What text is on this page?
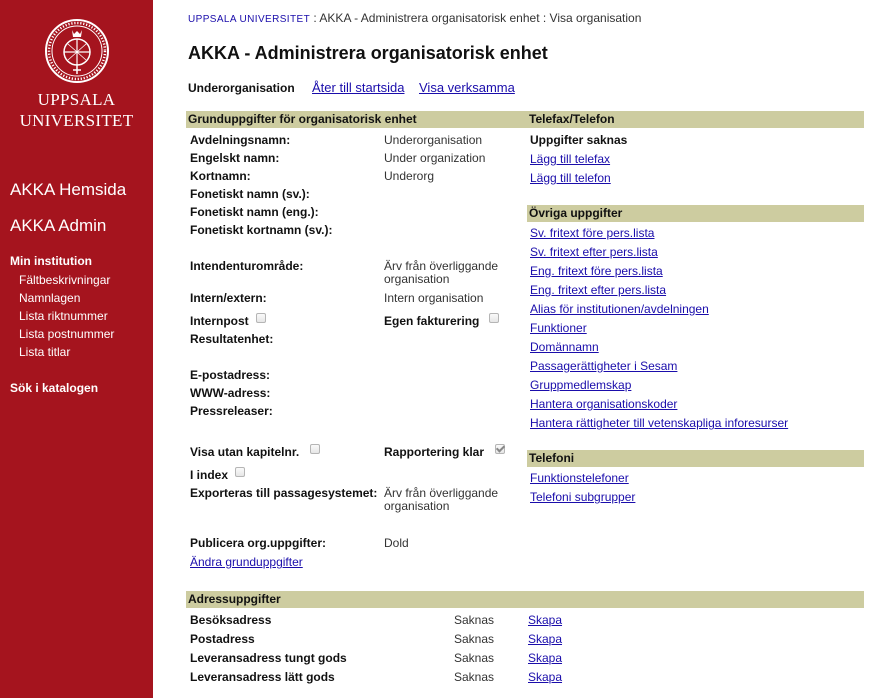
UPPSALA
UNIVERSITET
AKKA Hemsida
AKKA Admin
Min institution
Fältbeskrivningar
Namnlagen
Lista riktnummer
Lista postnummer
Lista titlar
Sök i katalogen
UPPSALA UNIVERSITET : AKKA - Administrera organisatorisk enhet : Visa organisation
AKKA - Administrera organisatorisk enhet
Underorganisation Åter till startsida Visa verksamma
Grunduppgifter för organisatorisk enhet
Avdelningsnamn:	Underorganisation
Engelskt namn:	Under organization
Kortnamn:	Underorg
Fonetiskt namn (sv.):
Fonetiskt namn (eng.):
Fonetiskt kortnamn (sv.):
Intendenturområde:	Ärv från överliggande organisation
Intern/extern:	Intern organisation
Internpost	Egen fakturering
Resultatenhet:
E-postadress:
WWW-adress:
Pressreleaser:
Visa utan kapitelnr.	Rapportering klar
I index
Exporteras till passagesystemet: Ärv från överliggande organisation
Publicera org.uppgifter:	Dold
Ändra grunduppgifter
Telefax/Telefon
Uppgifter saknas
Lägg till telefax
Lägg till telefon
Övriga uppgifter
Sv. fritext före pers.lista
Sv. fritext efter pers.lista
Eng. fritext före pers.lista
Eng. fritext efter pers.lista
Alias för institutionen/avdelningen
Funktioner
Domännamn
Passagerättigheter i Sesam
Gruppmedlemskap
Hantera organisationskoder
Hantera rättigheter till vetenskapliga inforesurser
Telefoni
Funktionstelefoner
Telefoni subgrupper
Adressuppgifter
Besöksadress	Saknas	Skapa
Postadress	Saknas	Skapa
Leveransadress tungt gods	Saknas	Skapa
Leveransadress lätt gods	Saknas	Skapa
